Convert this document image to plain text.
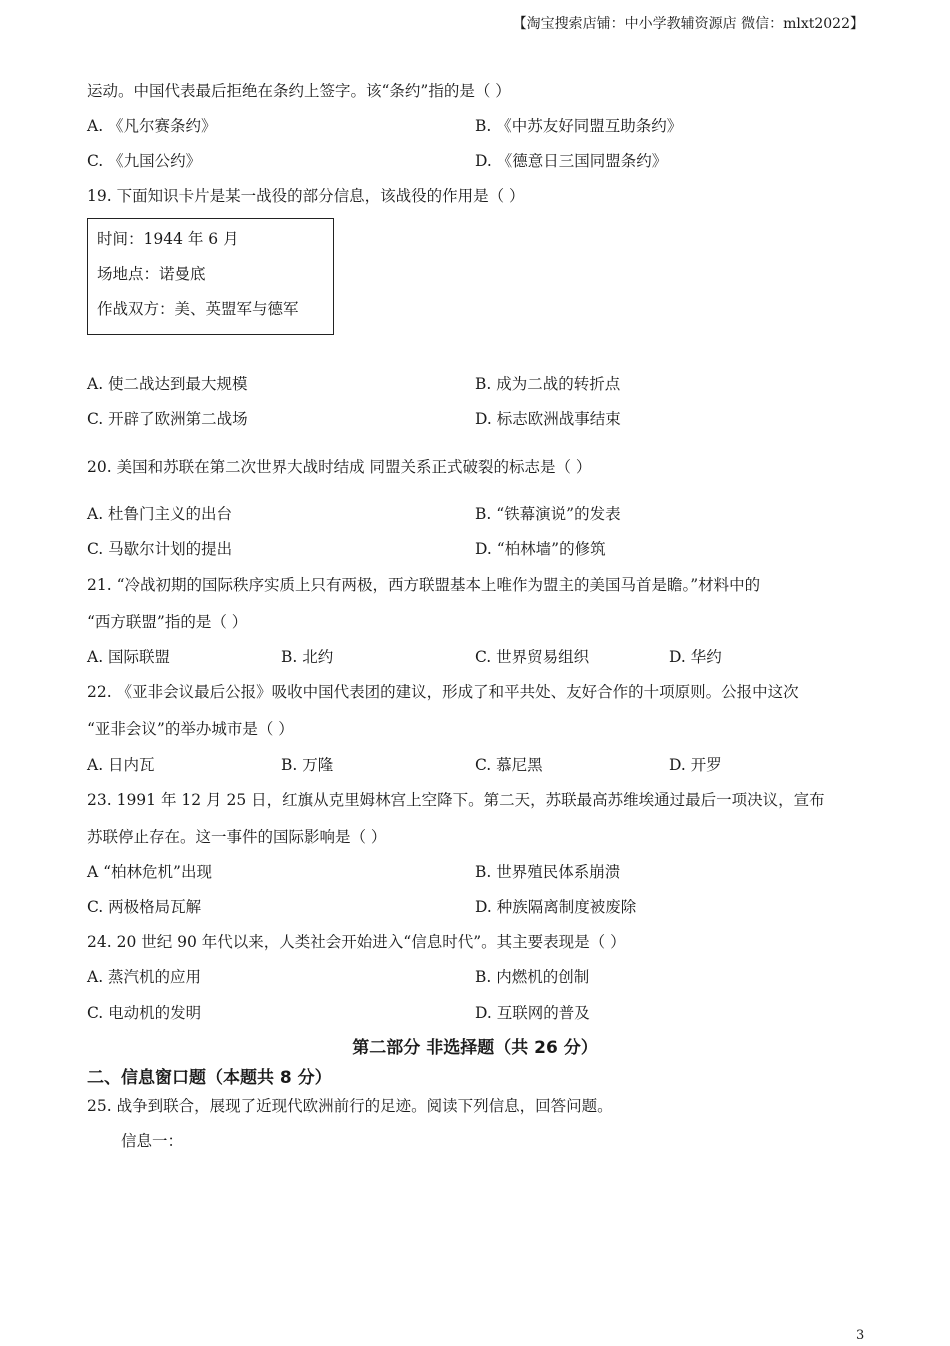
【淘宝搜索店铺：中小学教辅资源店 微信：mlxt2022】
运动。中国代表最后拒绝在条约上签字。该“条约”指的是（ ）
A. 《凡尔赛条约》	B. 《中苏友好同盟互助条约》
C. 《九国公约》	D. 《德意日三国同盟条约》
19. 下面知识卡片是某一战役的部分信息，该战役的作用是（ ）
时间：1944 年 6 月
场地点：诺曼底
作战双方：美、英盟军与德军
A. 使二战达到最大规模	B. 成为二战的转折点
C. 开辟了欧洲第二战场	D. 标志欧洲战事结束
20. 美国和苏联在第二次世界大战时结成 同盟关系正式破裂的标志是（ ）
A. 杜鲁门主义的出台	B. “铁幕演说”的发表
C. 马歇尔计划的提出	D. “柏林墙”的修筑
21. “冷战初期的国际秩序实质上只有两极，西方联盟基本上唯作为盟主的美国马首是瞻。”材料中的
“西方联盟”指的是（ ）
A. 国际联盟	B. 北约	C. 世界贸易组织	D. 华约
22. 《亚非会议最后公报》吸收中国代表团的建议，形成了和平共处、友好合作的十项原则。公报中这次
“亚非会议”的举办城市是（ ）
A. 日内瓦	B. 万隆	C. 慕尼黑	D. 开罗
23. 1991 年 12 月 25 日，红旗从克里姆林宫上空降下。第二天，苏联最高苏维埃通过最后一项决议，宣布
苏联停止存在。这一事件的国际影响是（ ）
A “柏林危机”出现	B. 世界殖民体系崩溃
C. 两极格局瓦解	D. 种族隔离制度被废除
24. 20 世纪 90 年代以来，人类社会开始进入“信息时代”。其主要表现是（ ）
A. 蒸汽机的应用	B. 内燃机的创制
C. 电动机的发明	D. 互联网的普及
第二部分 非选择题（共 26 分）
二、信息窗口题（本题共 8 分）
25. 战争到联合，展现了近现代欧洲前行的足迹。阅读下列信息，回答问题。
信息一：
3
